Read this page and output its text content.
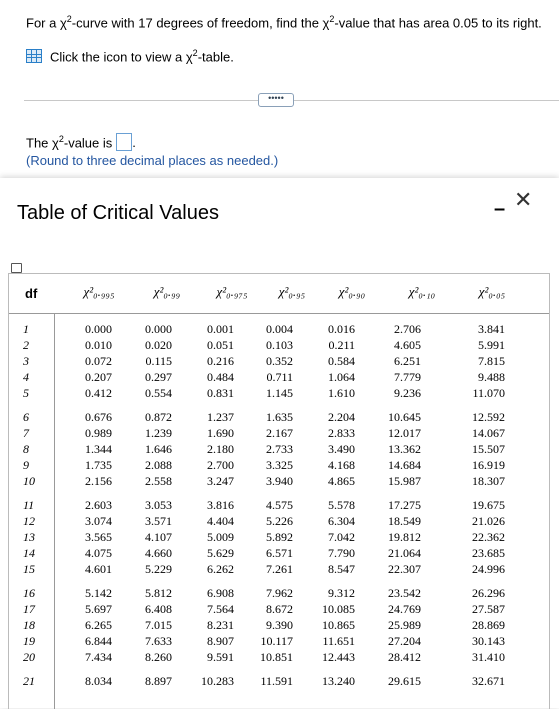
For a $\chi^2$-curve with 17 degrees of freedom, find the $\chi^2$-value that has area 0.05 to its right.
Click the icon to view a $\chi^2$-table.
•••••
The $\chi^2$-value is .
(Round to three decimal places as needed.)
Table of Critical Values	– ✕
df	χ²₀.₉₉₅	χ²₀.₉₉	χ²₀.₉₇₅	χ²₀.₉₅	χ²₀.₉₀	χ²₀.₁₀	χ²₀.₀₅
1	0.000	0.000	0.001	0.004	0.016	2.706	3.841
2	0.010	0.020	0.051	0.103	0.211	4.605	5.991
3	0.072	0.115	0.216	0.352	0.584	6.251	7.815
4	0.207	0.297	0.484	0.711	1.064	7.779	9.488
5	0.412	0.554	0.831	1.145	1.610	9.236	11.070
6	0.676	0.872	1.237	1.635	2.204	10.645	12.592
7	0.989	1.239	1.690	2.167	2.833	12.017	14.067
8	1.344	1.646	2.180	2.733	3.490	13.362	15.507
9	1.735	2.088	2.700	3.325	4.168	14.684	16.919
10	2.156	2.558	3.247	3.940	4.865	15.987	18.307
11	2.603	3.053	3.816	4.575	5.578	17.275	19.675
12	3.074	3.571	4.404	5.226	6.304	18.549	21.026
13	3.565	4.107	5.009	5.892	7.042	19.812	22.362
14	4.075	4.660	5.629	6.571	7.790	21.064	23.685
15	4.601	5.229	6.262	7.261	8.547	22.307	24.996
16	5.142	5.812	6.908	7.962	9.312	23.542	26.296
17	5.697	6.408	7.564	8.672	10.085	24.769	27.587
18	6.265	7.015	8.231	9.390	10.865	25.989	28.869
19	6.844	7.633	8.907	10.117	11.651	27.204	30.143
20	7.434	8.260	9.591	10.851	12.443	28.412	31.410
21	8.034	8.897	10.283	11.591	13.240	29.615	32.671
